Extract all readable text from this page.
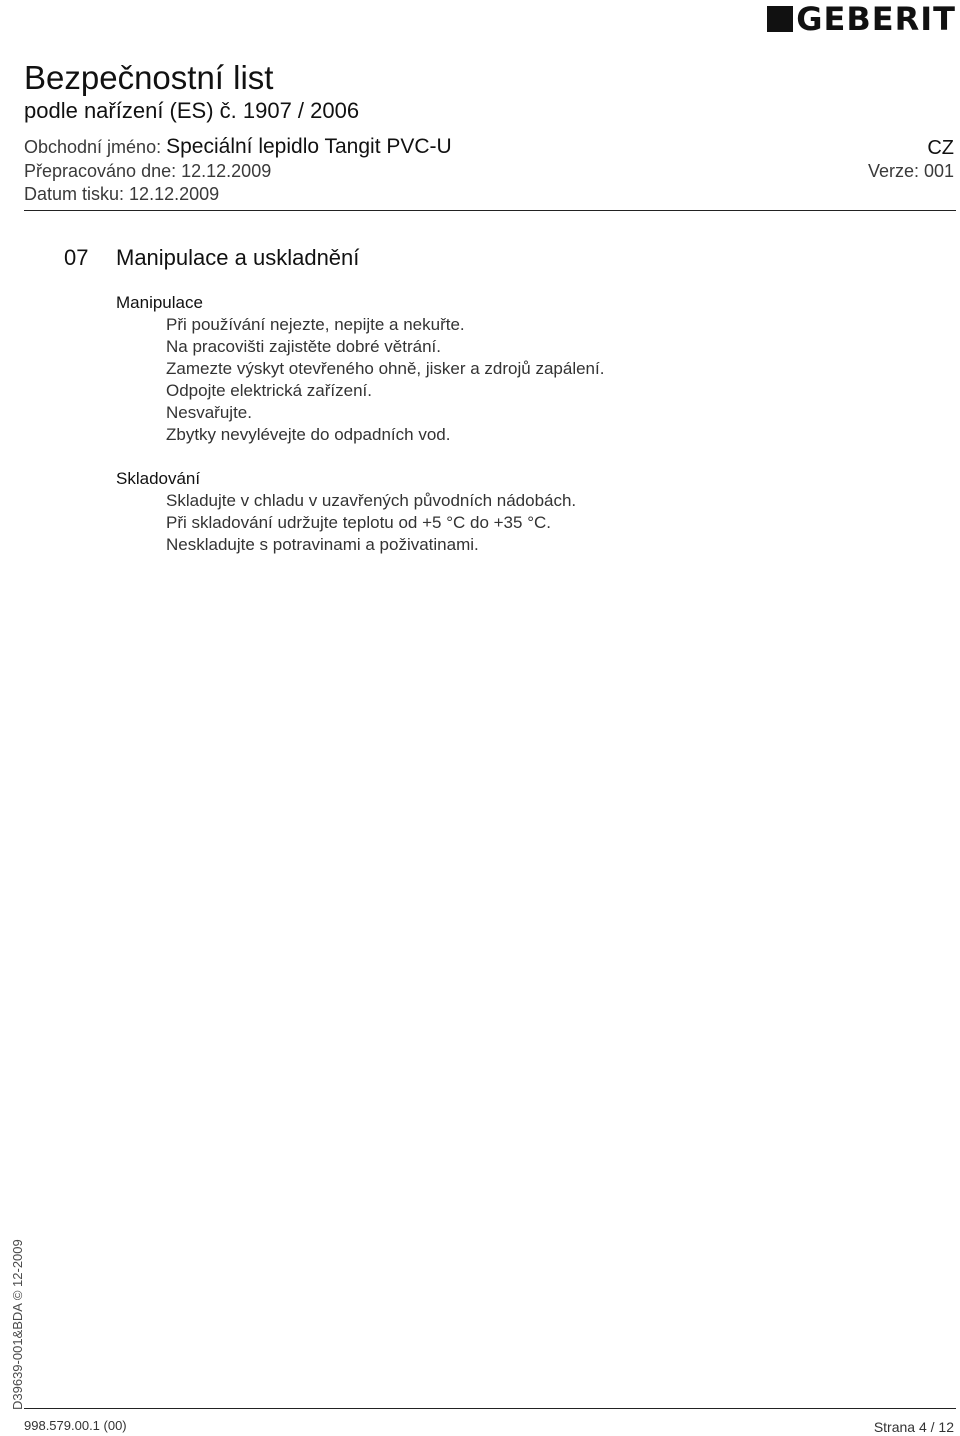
GEBERIT
Bezpečnostní list
podle nařízení (ES) č. 1907 / 2006
Obchodní jméno: Speciální lepidlo Tangit PVC-U	CZ
Přepracováno dne: 12.12.2009	Verze: 001
Datum tisku: 12.12.2009
07	Manipulace a uskladnění
Manipulace
Při používání nejezte, nepijte a nekuřte.
Na pracovišti zajistěte dobré větrání.
Zamezte výskyt otevřeného ohně, jisker a zdrojů zapálení.
Odpojte elektrická zařízení.
Nesvařujte.
Zbytky nevylévejte do odpadních vod.
Skladování
Skladujte v chladu v uzavřených původních nádobách.
Při skladování udržujte teplotu od +5 °C do +35 °C.
Neskladujte s potravinami a poživatinami.
D39639-001&BDA © 12-2009
998.579.00.1 (00)	Strana 4 / 12
